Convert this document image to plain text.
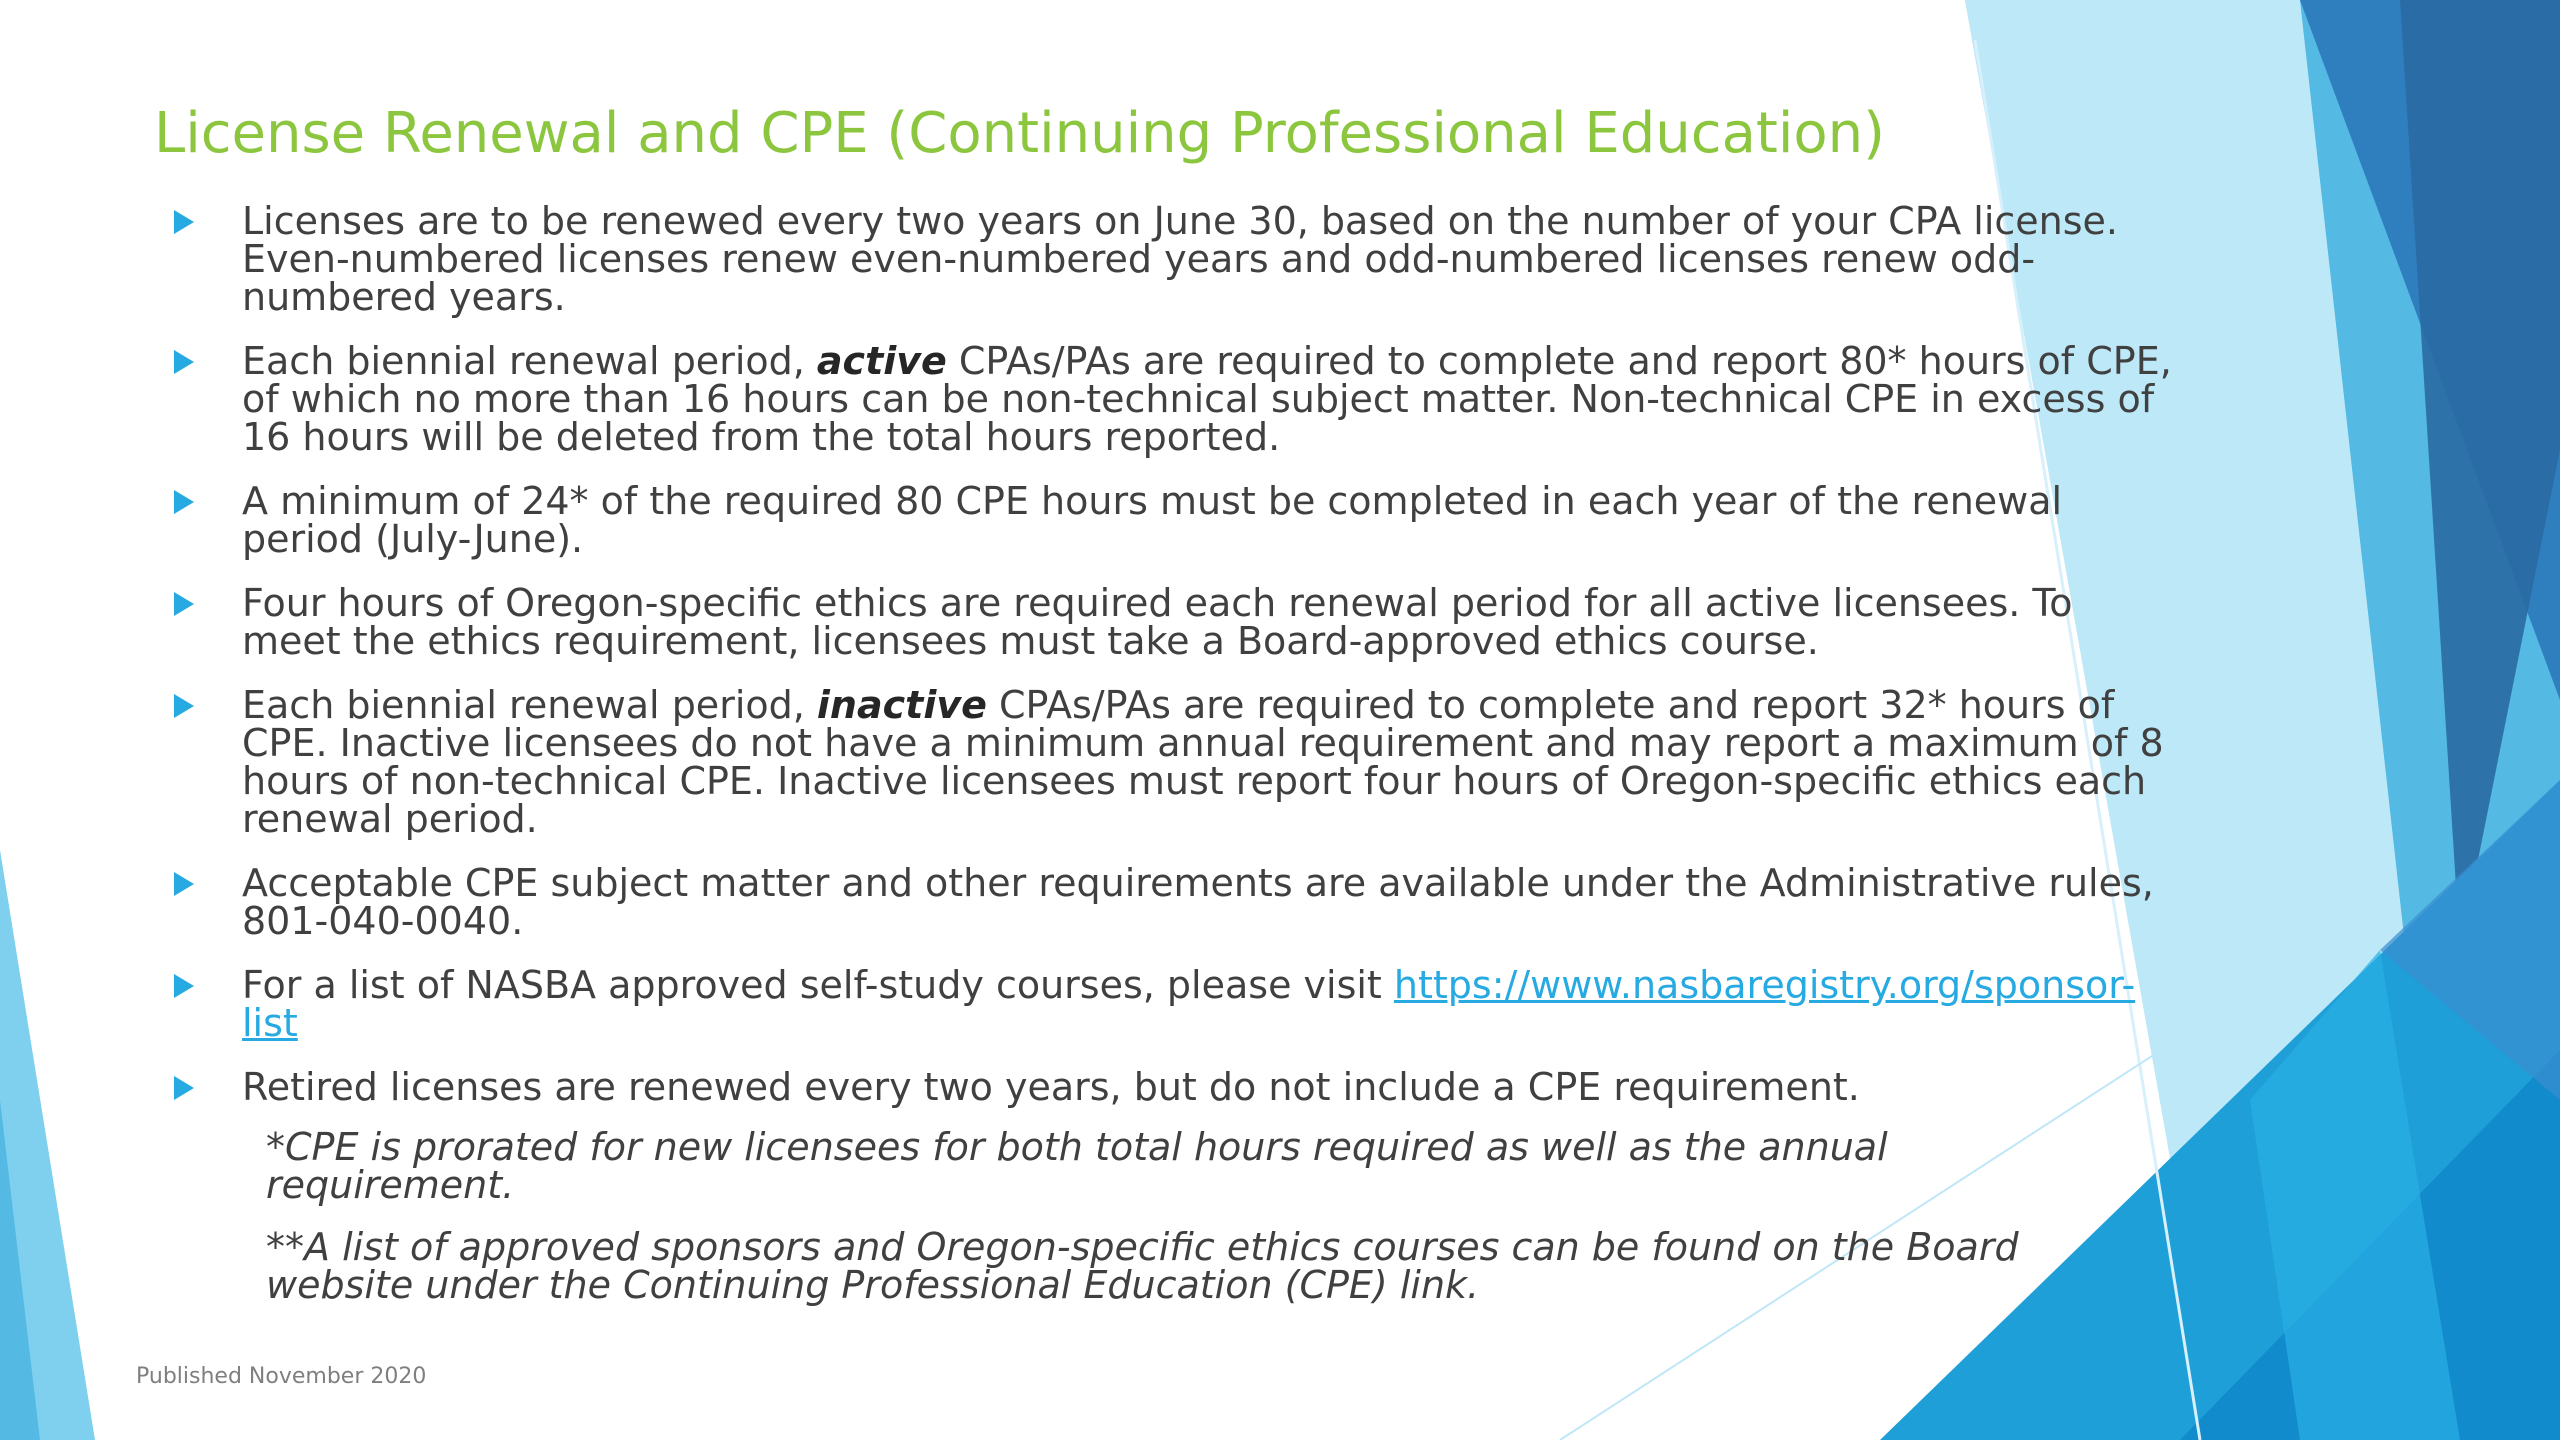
License Renewal and CPE (Continuing Professional Education)
Licenses are to be renewed every two years on June 30, based on the number of your CPA license. Even-numbered licenses renew even-numbered years and odd-numbered licenses renew odd-numbered years.
Each biennial renewal period, active CPAs/PAs are required to complete and report 80* hours of CPE, of which no more than 16 hours can be non-technical subject matter. Non-technical CPE in excess of 16 hours will be deleted from the total hours reported.
A minimum of 24* of the required 80 CPE hours must be completed in each year of the renewal period (July-June).
Four hours of Oregon-specific ethics are required each renewal period for all active licensees. To meet the ethics requirement, licensees must take a Board-approved ethics course.
Each biennial renewal period, inactive CPAs/PAs are required to complete and report 32* hours of CPE. Inactive licensees do not have a minimum annual requirement and may report a maximum of 8 hours of non-technical CPE. Inactive licensees must report four hours of Oregon-specific ethics each renewal period.
Acceptable CPE subject matter and other requirements are available under the Administrative rules, 801-040-0040.
For a list of NASBA approved self-study courses, please visit https://www.nasbaregistry.org/sponsor-list
Retired licenses are renewed every two years, but do not include a CPE requirement.

*CPE is prorated for new licensees for both total hours required as well as the annual requirement.

**A list of approved sponsors and Oregon-specific ethics courses can be found on the Board website under the Continuing Professional Education (CPE) link.

Published November 2020
